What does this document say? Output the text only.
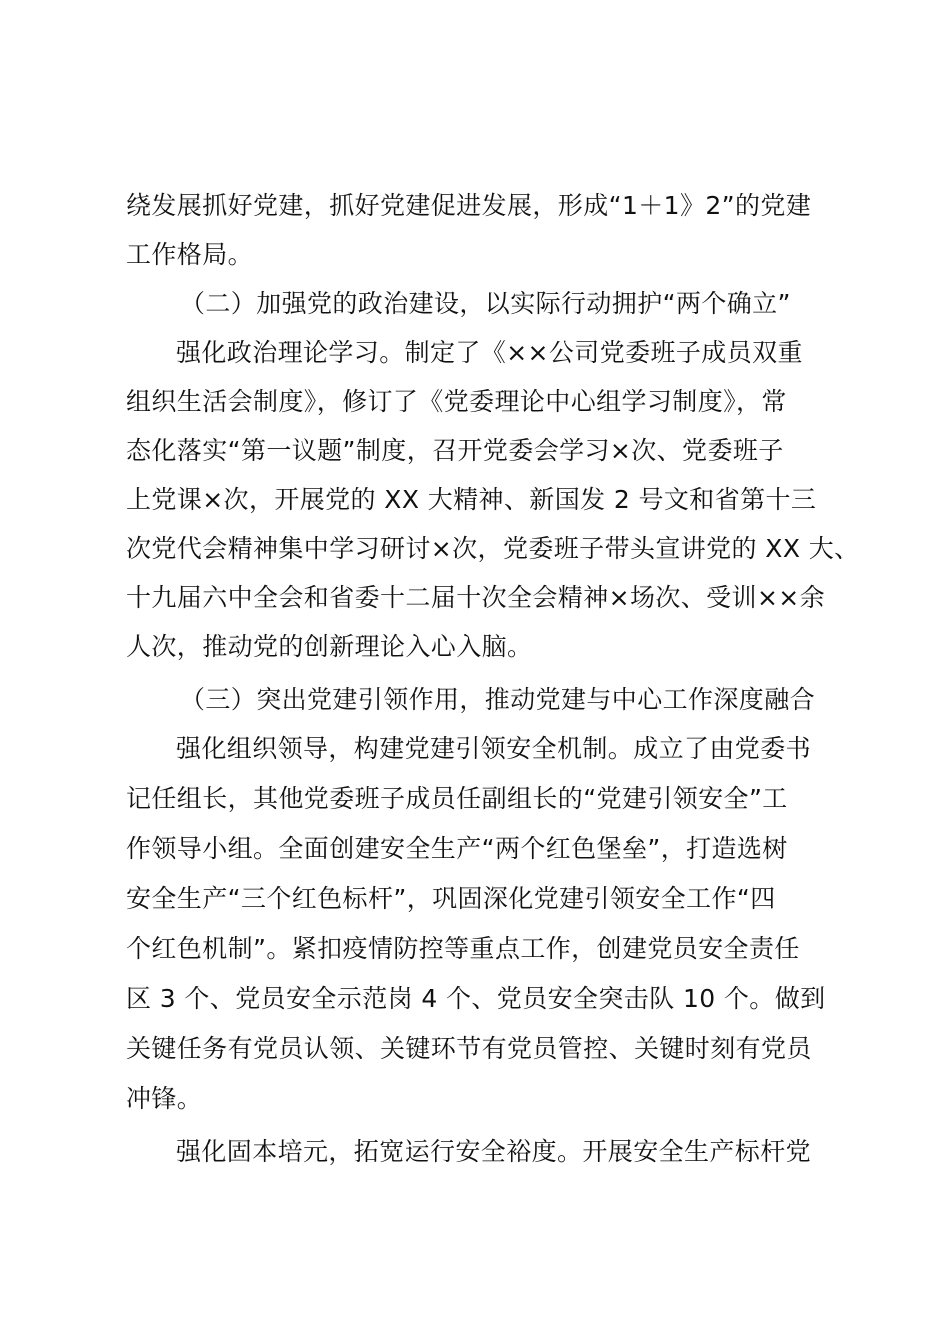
绕发展抓好党建，抓好党建促进发展，形成“1＋1》2”的党建
工作格局。
（二）加强党的政治建设，以实际行动拥护“两个确立”
强化政治理论学习。制定了《××公司党委班子成员双重
组织生活会制度》，修订了《党委理论中心组学习制度》，常
态化落实“第一议题”制度，召开党委会学习×次、党委班子
上党课×次，开展党的 XX 大精神、新国发 2 号文和省第十三
次党代会精神集中学习研讨×次，党委班子带头宣讲党的 XX 大、
十九届六中全会和省委十二届十次全会精神×场次、受训××余
人次，推动党的创新理论入心入脑。
（三）突出党建引领作用，推动党建与中心工作深度融合
强化组织领导，构建党建引领安全机制。成立了由党委书
记任组长，其他党委班子成员任副组长的“党建引领安全”工
作领导小组。全面创建安全生产“两个红色堡垒”，打造选树
安全生产“三个红色标杆”，巩固深化党建引领安全工作“四
个红色机制”。紧扣疫情防控等重点工作，创建党员安全责任
区 3 个、党员安全示范岗 4 个、党员安全突击队 10 个。做到
关键任务有党员认领、关键环节有党员管控、关键时刻有党员
冲锋。
强化固本培元，拓宽运行安全裕度。开展安全生产标杆党
